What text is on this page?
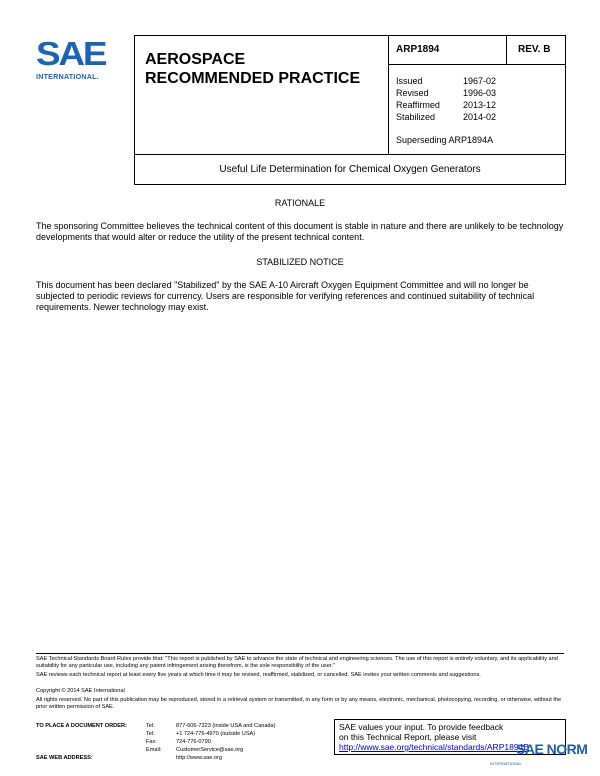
SAE
INTERNATIONAL.
AEROSPACE
RECOMMENDED PRACTICE
ARP1894	REV. B
Issued	1967-02
Revised	1996-03
Reaffirmed	2013-12
Stabilized	2014-02
Superseding ARP1894A
Useful Life Determination for Chemical Oxygen Generators
RATIONALE
The sponsoring Committee believes the technical content of this document is stable in nature and there are unlikely to be technology developments that would alter or reduce the utility of the present technical content.
STABILIZED NOTICE
This document has been declared "Stabilized" by the SAE A-10 Aircraft Oxygen Equipment Committee and will no longer be subjected to periodic reviews for currency. Users are responsible for verifying references and continued suitability of technical requirements. Newer technology may exist.
SAE Technical Standards Board Rules provide that: "This report is published by SAE to advance the state of technical and engineering sciences. The use of this report is entirely voluntary, and its applicability and suitability for any particular use, including any patent infringement arising therefrom, is the sole responsibility of the user."
SAE reviews each technical report at least every five years at which time it may be revised, reaffirmed, stabilized, or cancelled. SAE invites your written comments and suggestions.
Copyright © 2014 SAE International
All rights reserved. No part of this publication may be reproduced, stored in a retrieval system or transmitted, in any form or by any means, electronic, mechanical, photocopying, recording, or otherwise, without the prior written permission of SAE.
TO PLACE A DOCUMENT ORDER:	Tel:	877-606-7323 (inside USA and Canada)
Tel:	+1 724-776-4970 (outside USA)
Fax:	724-776-0790
Email:	CustomerService@sae.org
SAE WEB ADDRESS:	http://www.sae.org
SAE values your input. To provide feedback
on this Technical Report, please visit
http://www.sae.org/technical/standards/ARP1894B
SAE NORM
INTERNATIONAL
